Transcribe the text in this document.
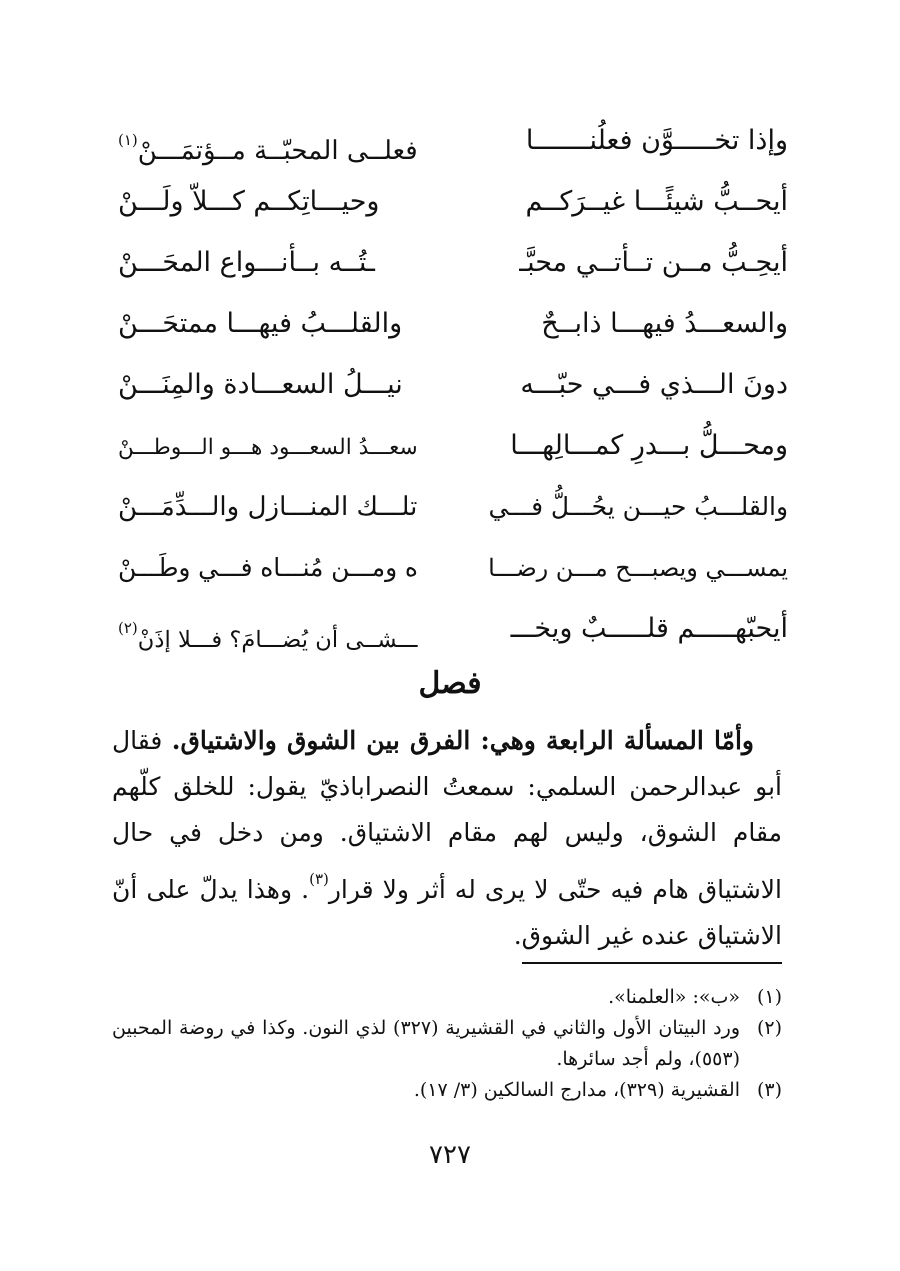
وإذا تخـــــوَّن فعلُنـــــــا
فعلــى المحبّــة مــؤتمَـــنْ$^{(١)}$
أيحــبُّ شيئًـــا غيــرَكــم
وحيـــاتِكــم كـــلاّ ولَـــنْ
أيحِـبُّ مــن تــأتــي محبَّـ
ـتُــه بــأنـــواع المحَـــنْ
والسعـــدُ فيهـــا ذابــحٌ
والقلـــبُ فيهـــا ممتحَـــنْ
دونَ الـــذي فـــي حبّـــه
نيـــلُ السعـــادة والمِنَـــنْ
ومحـــلُّ بـــدرِ كمـــالِهـــا
سعـــدُ السعـــود هـــو الـــوطـــنْ
والقلـــبُ حيـــن يحُـــلُّ فـــي
تلـــك المنـــازل والـــدِّمَـــنْ
يمســـي ويصبـــح مـــن رضـــا
ه ومـــن مُنـــاه فـــي وطَـــنْ
أيحبّهـــــم قلـــــبٌ ويخـــ
ـــشــى أن يُضـــامَ؟ فـــلا إذَنْ$^{(٢)}$
فصل
وأمّا المسألة الرابعة وهي: الفرق بين الشوق والاشتياق. فقال أبو عبدالرحمن السلمي: سمعتُ النصراباذيّ يقول: للخلق كلّهم مقام الشوق، وليس لهم مقام الاشتياق. ومن دخل في حال الاشتياق هام فيه حتّى لا يرى له أثر ولا قرار$^{(٣)}$. وهذا يدلّ على أنّ الاشتياق عنده غير الشوق.
(١)
«ب»: «العلمنا».
(٢)
ورد البيتان الأول والثاني في القشيرية (٣٢٧) لذي النون. وكذا في روضة المحبين (٥٥٣)، ولم أجد سائرها.
(٣)
القشيرية (٣٢٩)، مدارج السالكين (٣/ ١٧).
٧٢٧
